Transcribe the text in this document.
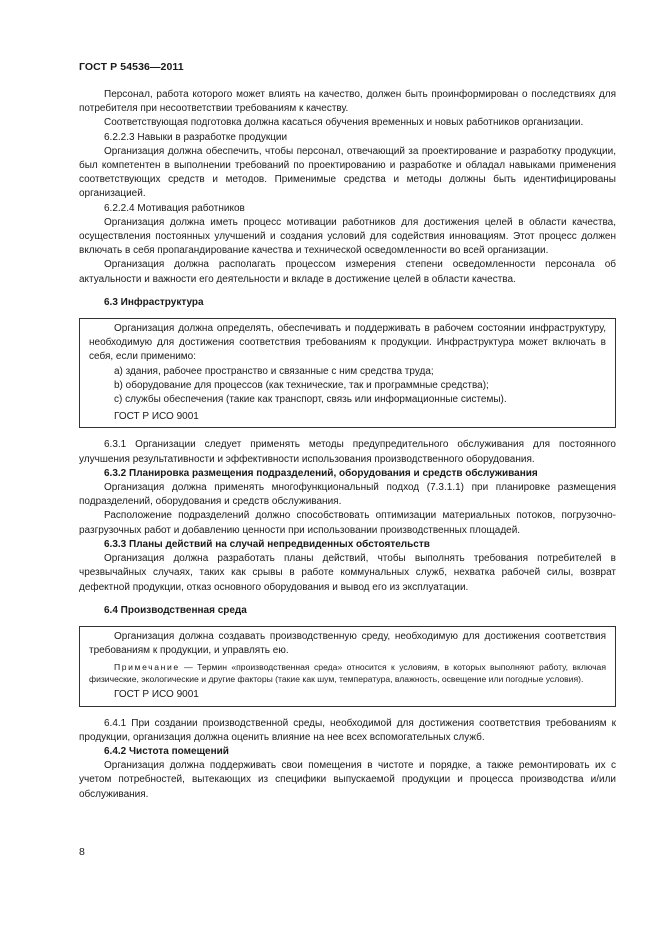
ГОСТ Р 54536—2011

Персонал, работа которого может влиять на качество, должен быть проинформирован о последствиях для потребителя при несоответствии требованиям к качеству.

Соответствующая подготовка должна касаться обучения временных и новых работников организации.

6.2.2.3 Навыки в разработке продукции

Организация должна обеспечить, чтобы персонал, отвечающий за проектирование и разработку продукции, был компетентен в выполнении требований по проектированию и разработке и обладал навыками применения соответствующих средств и методов. Применимые средства и методы должны быть идентифицированы организацией.

6.2.2.4 Мотивация работников

Организация должна иметь процесс мотивации работников для достижения целей в области качества, осуществления постоянных улучшений и создания условий для содействия инновациям. Этот процесс должен включать в себя пропагандирование качества и технической осведомленности во всей организации.

Организация должна располагать процессом измерения степени осведомленности персонала об актуальности и важности его деятельности и вкладе в достижение целей в области качества.

6.3 Инфраструктура

Организация должна определять, обеспечивать и поддерживать в рабочем состоянии инфраструктуру, необходимую для достижения соответствия требованиям к продукции. Инфраструктура может включать в себя, если применимо:

a) здания, рабочее пространство и связанные с ним средства труда;

b) оборудование для процессов (как технические, так и программные средства);

c) службы обеспечения (такие как транспорт, связь или информационные системы).

ГОСТ Р ИСО 9001

6.3.1 Организации следует применять методы предупредительного обслуживания для постоянного улучшения результативности и эффективности использования производственного оборудования.

6.3.2 Планировка размещения подразделений, оборудования и средств обслуживания

Организация должна применять многофункциональный подход (7.3.1.1) при планировке размещения подразделений, оборудования и средств обслуживания.

Расположение подразделений должно способствовать оптимизации материальных потоков, погрузочно-разгрузочных работ и добавлению ценности при использовании производственных площадей.

6.3.3 Планы действий на случай непредвиденных обстоятельств

Организация должна разработать планы действий, чтобы выполнять требования потребителей в чрезвычайных случаях, таких как срывы в работе коммунальных служб, нехватка рабочей силы, возврат дефектной продукции, отказ основного оборудования и вывод его из эксплуатации.

6.4 Производственная среда

Организация должна создавать производственную среду, необходимую для достижения соответствия требованиям к продукции, и управлять ею.

Примечание — Термин «производственная среда» относится к условиям, в которых выполняют работу, включая физические, экологические и другие факторы (такие как шум, температура, влажность, освещение или погодные условия).

ГОСТ Р ИСО 9001

6.4.1 При создании производственной среды, необходимой для достижения соответствия требованиям к продукции, организация должна оценить влияние на нее всех вспомогательных служб.

6.4.2 Чистота помещений

Организация должна поддерживать свои помещения в чистоте и порядке, а также ремонтировать их с учетом потребностей, вытекающих из специфики выпускаемой продукции и процесса производства и/или обслуживания.

8
